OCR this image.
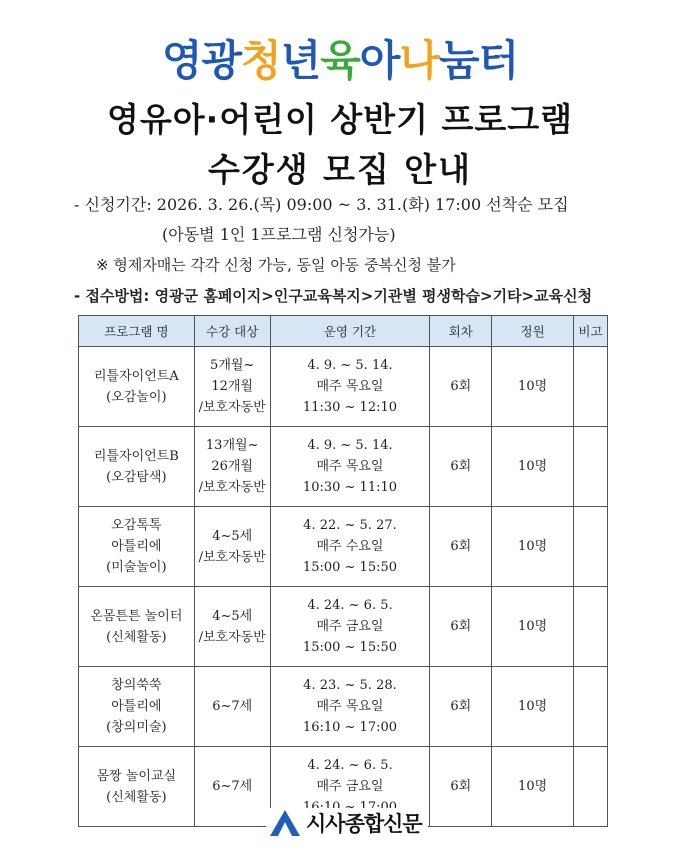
영광청년육아나눔터
영유아·어린이 상반기 프로그램
수강생 모집 안내
- 신청기간: 2026. 3. 26.(목) 09:00 ~ 3. 31.(화) 17:00 선착순 모집
(아동별 1인 1프로그램 신청가능)
※ 형제자매는 각각 신청 가능, 동일 아동 중복신청 불가
- 접수방법: 영광군 홈페이지>인구교육복지>기관별 평생학습>기타>교육신청
프로그램 명	수강 대상	운영 기간	회차	정원	비고

리틀자이언트A
(오감놀이)	5개월~
12개월
/보호자동반	4. 9. ~ 5. 14.
매주 목요일
11:30 ~ 12:10	6회	10명	

리틀자이언트B
(오감탐색)	13개월~
26개월
/보호자동반	4. 9. ~ 5. 14.
매주 목요일
10:30 ~ 11:10	6회	10명	

오감톡톡
아틀리에
(미술놀이)	4~5세
/보호자동반	4. 22. ~ 5. 27.
매주 수요일
15:00 ~ 15:50	6회	10명	

온몸튼튼 놀이터
(신체활동)	4~5세
/보호자동반	4. 24. ~ 6. 5.
매주 금요일
15:00 ~ 15:50	6회	10명	

창의쑥쑥
아틀리에
(창의미술)	6~7세	4. 23. ~ 5. 28.
매주 목요일
16:10 ~ 17:00	6회	10명	

몸짱 놀이교실
(신체활동)	6~7세	4. 24. ~ 6. 5.
매주 금요일	6회	10명	
시사종합신문
